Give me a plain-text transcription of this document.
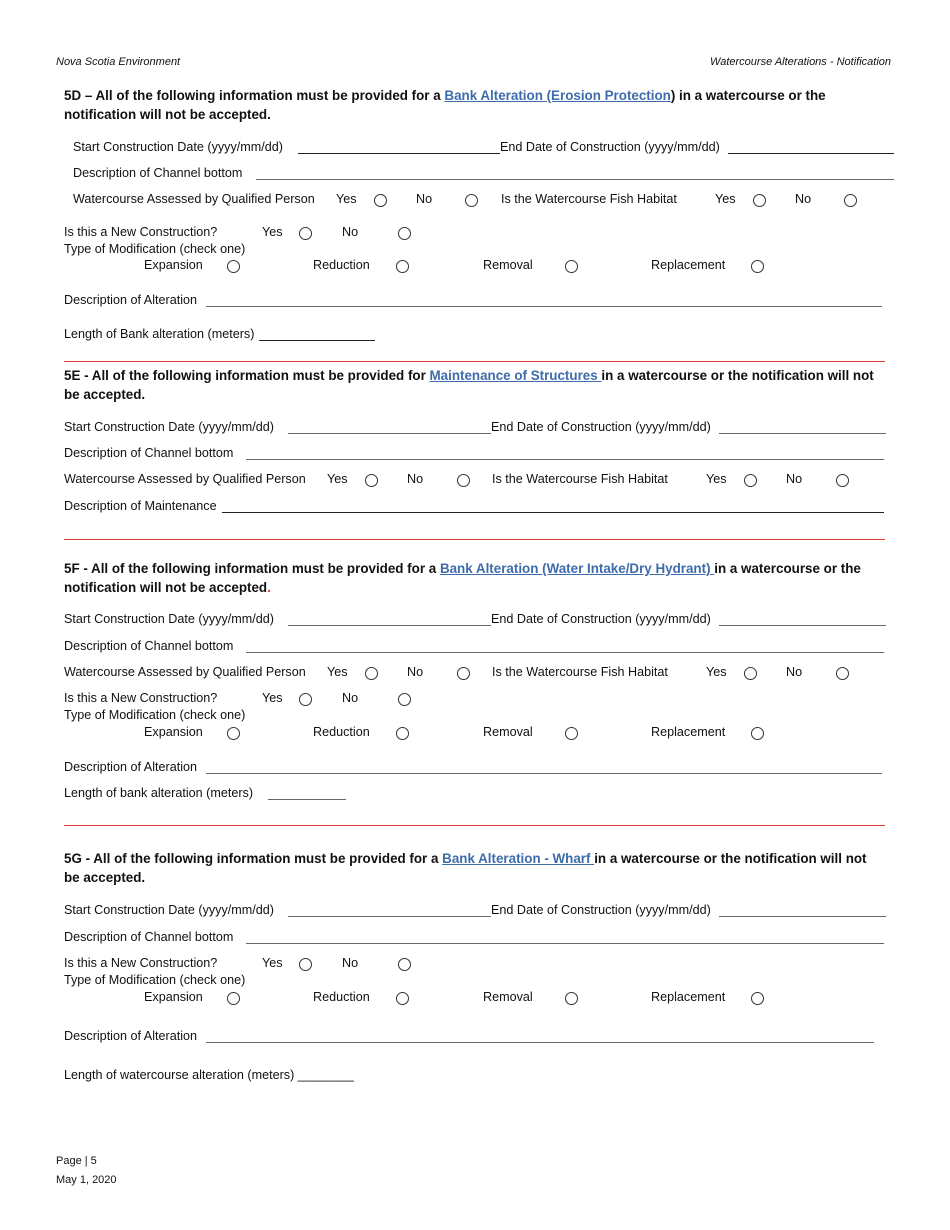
Nova Scotia Environment	Watercourse Alterations - Notification
5D – All of the following information must be provided for a Bank Alteration (Erosion Protection) in a watercourse or the notification will not be accepted.
Start Construction Date (yyyy/mm/dd)	End Date of Construction (yyyy/mm/dd)
Description of Channel bottom
Watercourse Assessed by Qualified Person Yes	No	Is the Watercourse Fish Habitat	Yes	No
Is this a New Construction?	Yes	No
Type of Modification (check one)
Expansion	Reduction	Removal	Replacement
Description of Alteration
Length of Bank alteration (meters)
5E - All of the following information must be provided for Maintenance of Structures in a watercourse or the notification will not be accepted.
Start Construction Date (yyyy/mm/dd)	End Date of Construction (yyyy/mm/dd)
Description of Channel bottom
Watercourse Assessed by Qualified Person Yes	No	Is the Watercourse Fish Habitat	Yes	No
Description of Maintenance
5F - All of the following information must be provided for a Bank Alteration (Water Intake/Dry Hydrant) in a watercourse or the notification will not be accepted.
Start Construction Date (yyyy/mm/dd)	End Date of Construction (yyyy/mm/dd)
Description of Channel bottom
Watercourse Assessed by Qualified Person Yes	No	Is the Watercourse Fish Habitat	Yes	No
Is this a New Construction?	Yes	No
Type of Modification (check one)
Expansion	Reduction	Removal	Replacement
Description of Alteration
Length of bank alteration (meters)
5G - All of the following information must be provided for a Bank Alteration - Wharf in a watercourse or the notification will not be accepted.
Start Construction Date (yyyy/mm/dd)	End Date of Construction (yyyy/mm/dd)
Description of Channel bottom
Is this a New Construction?	Yes	No
Type of Modification (check one)
Expansion	Reduction	Removal	Replacement
Description of Alteration
Length of watercourse alteration (meters) ________
Page | 5
May 1, 2020
